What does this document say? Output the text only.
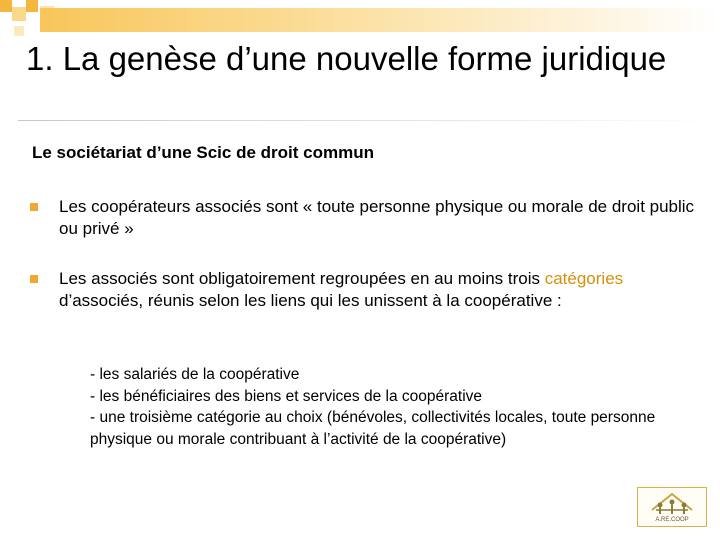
1. La genèse d’une nouvelle forme juridique
Le sociétariat d’une Scic de droit commun
Les coopérateurs associés sont « toute personne physique ou morale de droit public ou privé »
Les associés sont obligatoirement regroupées en au moins trois catégories d’associés, réunis selon les liens qui les unissent à la coopérative :
- les salariés de la coopérative
- les bénéficiaires des biens et services de la coopérative
- une troisième catégorie au choix (bénévoles, collectivités locales, toute personne physique ou morale contribuant à l’activité de la coopérative)
A.RE.COOP
